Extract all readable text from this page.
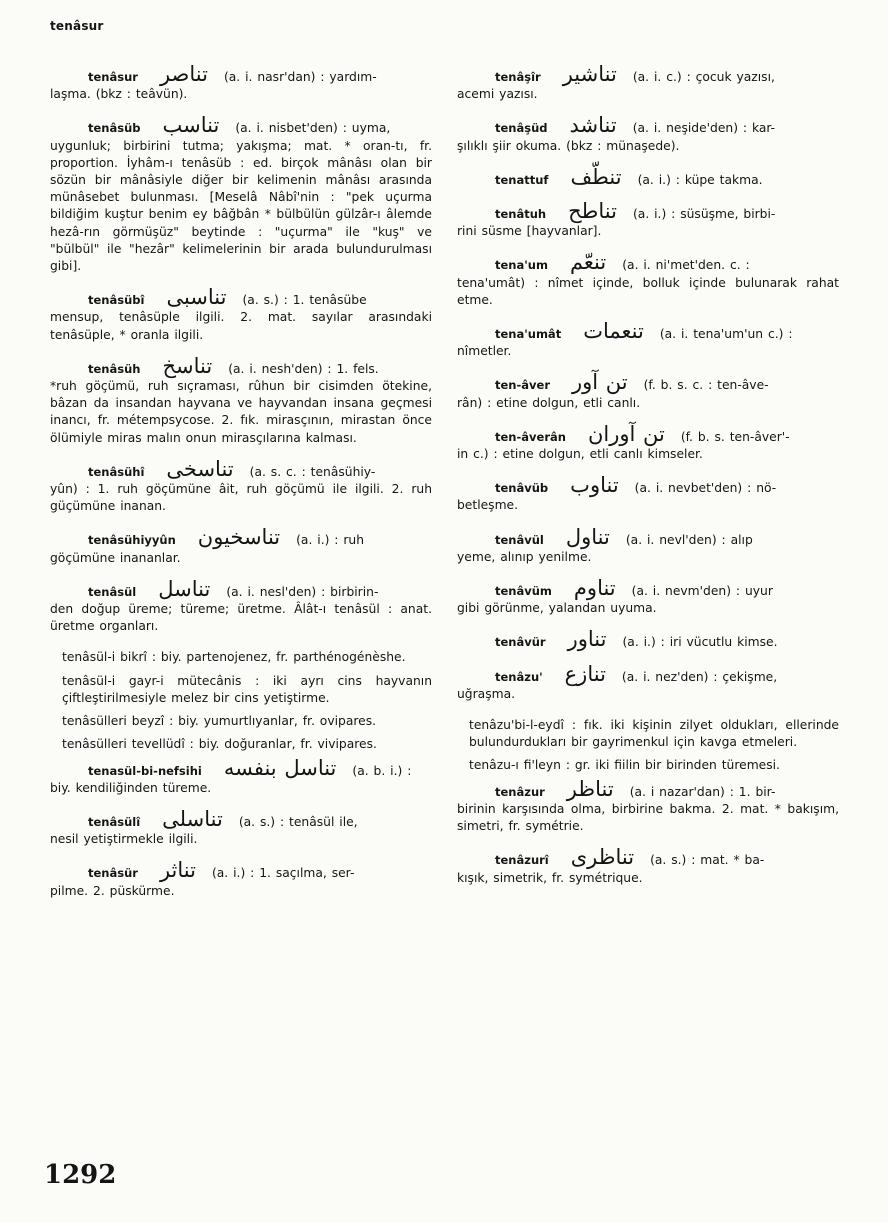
tenâsur
tenâsur تناصر (a. i. nasr'dan) : yardım-
laşma. (bkz : teâvün).
tenâsüb تناسب (a. i. nisbet'den) : uyma,
uygunluk; birbirini tutma; yakışma; mat. * oran-tı, fr. proportion. İyhâm-ı tenâsüb : ed. birçok mânâsı olan bir sözün bir mânâsiyle diğer bir kelimenin mânâsı arasında münâsebet bulunması. [Meselâ Nâbî'nin : "pek uçurma bildiğim kuştur benim ey bâğbân * bülbülün gülzâr-ı âlemde hezâ-rın görmüşüz" beytinde : "uçurma" ile "kuş" ve "bülbül" ile "hezâr" kelimelerinin bir arada bulundurulması gibi].
tenâsübî تناسبى (a. s.) : 1. tenâsübe
mensup, tenâsüple ilgili. 2. mat. sayılar arasındaki tenâsüple, * oranla ilgili.
tenâsüh تناسخ (a. i. nesh'den) : 1. fels.
*ruh göçümü, ruh sıçraması, rûhun bir cisimden ötekine, bâzan da insandan hayvana ve hayvandan insana geçmesi inancı, fr. métempsycose. 2. fık. mirasçının, mirastan önce ölümiyle miras malın onun mirasçılarına kalması.
tenâsühî تناسخى (a. s. c. : tenâsühiy-
yûn) : 1. ruh göçümüne âit, ruh göçümü ile ilgili. 2. ruh güçümüne inanan.
tenâsühiyyûn تناسخيون (a. i.) : ruh
göçümüne inananlar.
tenâsül تناسل (a. i. nesl'den) : birbirin-
den doğup üreme; türeme; üretme. Âlât-ı tenâsül : anat. üretme organları.
tenâsül-i bikrî : biy. partenojenez, fr. parthénogénèshe.
tenâsül-i gayr-i mütecânis : iki ayrı cins hayvanın çiftleştirilmesiyle melez bir cins yetiştirme.
tenâsülleri beyzî : biy. yumurtlıyanlar, fr. ovipares.
tenâsülleri tevellüdî : biy. doğuranlar, fr. vivipares.
tenasül-bi-nefsihi تناسل بنفسه (a. b. i.) :
biy. kendiliğinden türeme.
tenâsülî تناسلى (a. s.) : tenâsül ile,
nesil yetiştirmekle ilgili.
tenâsür تناثر (a. i.) : 1. saçılma, ser-
pilme. 2. püskürme.
tenâşîr تناشير (a. i. c.) : çocuk yazısı,
acemi yazısı.
tenâşüd تناشد (a. i. neşide'den) : kar-
şılıklı şiir okuma. (bkz : münaşede).
tenattuf تنطّف (a. i.) : küpe takma.
tenâtuh تناطح (a. i.) : süsüşme, birbi-
rini süsme [hayvanlar].
tena'um تنعّم (a. i. ni'met'den. c. :
tena'umât) : nîmet içinde, bolluk içinde bulunarak rahat etme.
tena'umât تنعمات (a. i. tena'um'un c.) :
nîmetler.
ten-âver تن آور (f. b. s. c. : ten-âve-
rân) : etine dolgun, etli canlı.
ten-âverân تن آوران (f. b. s. ten-âver'-
in c.) : etine dolgun, etli canlı kimseler.
tenâvüb تناوب (a. i. nevbet'den) : nö-
betleşme.
tenâvül تناول (a. i. nevl'den) : alıp
yeme, alınıp yenilme.
tenâvüm تناوم (a. i. nevm'den) : uyur
gibi görünme, yalandan uyuma.
tenâvür تناور (a. i.) : iri vücutlu kimse.
tenâzu' تنازع (a. i. nez'den) : çekişme,
uğraşma.
tenâzu'bi-l-eydî : fık. iki kişinin zilyet oldukları, ellerinde bulundurdukları bir gayrimenkul için kavga etmeleri.
tenâzu-ı fi'leyn : gr. iki fiilin bir birinden türemesi.
tenâzur تناظر (a. i nazar'dan) : 1. bir-
birinin karşısında olma, birbirine bakma. 2. mat. * bakışım, simetri, fr. symétrie.
tenâzurî تناظرى (a. s.) : mat. * ba-
kışık, simetrik, fr. symétrique.
1292
